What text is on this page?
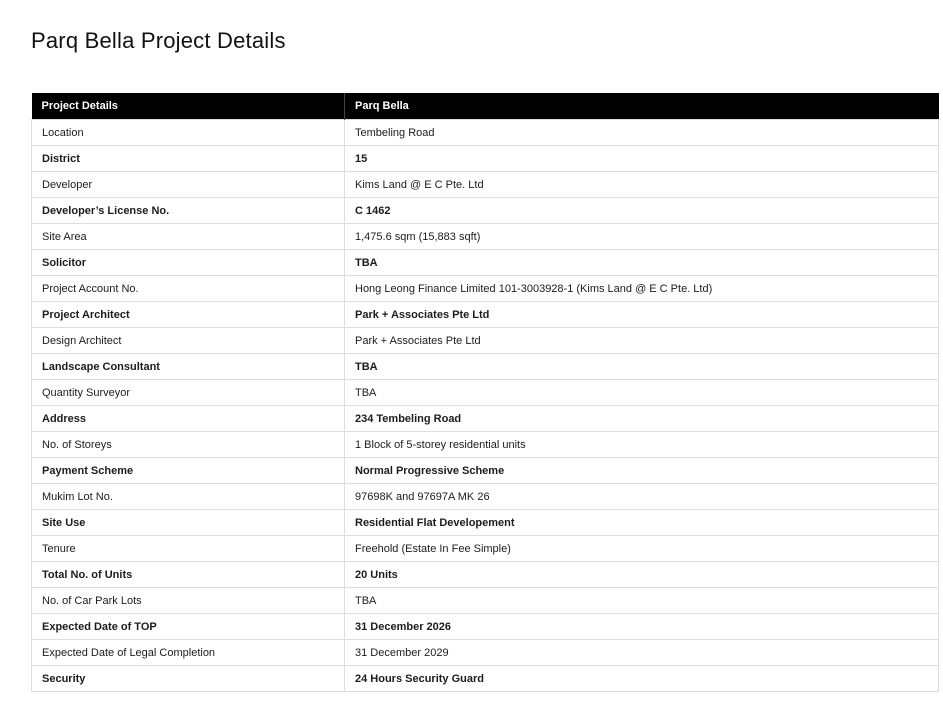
Parq Bella Project Details
Project Details	Parq Bella
Location	Tembeling Road
District	15
Developer	Kims Land @ E C Pte. Ltd
Developer’s License No.	C 1462
Site Area	1,475.6 sqm (15,883 sqft)
Solicitor	TBA
Project Account No.	Hong Leong Finance Limited 101-3003928-1 (Kims Land @ E C Pte. Ltd)
Project Architect	Park + Associates Pte Ltd
Design Architect	Park + Associates Pte Ltd
Landscape Consultant	TBA
Quantity Surveyor	TBA
Address	234 Tembeling Road
No. of Storeys	1 Block of 5-storey residential units
Payment Scheme	Normal Progressive Scheme
Mukim Lot No.	97698K and 97697A MK 26
Site Use	Residential Flat Developement
Tenure	Freehold (Estate In Fee Simple)
Total No. of Units	20 Units
No. of Car Park Lots	TBA
Expected Date of TOP	31 December 2026
Expected Date of Legal Completion	31 December 2029
Security	24 Hours Security Guard
